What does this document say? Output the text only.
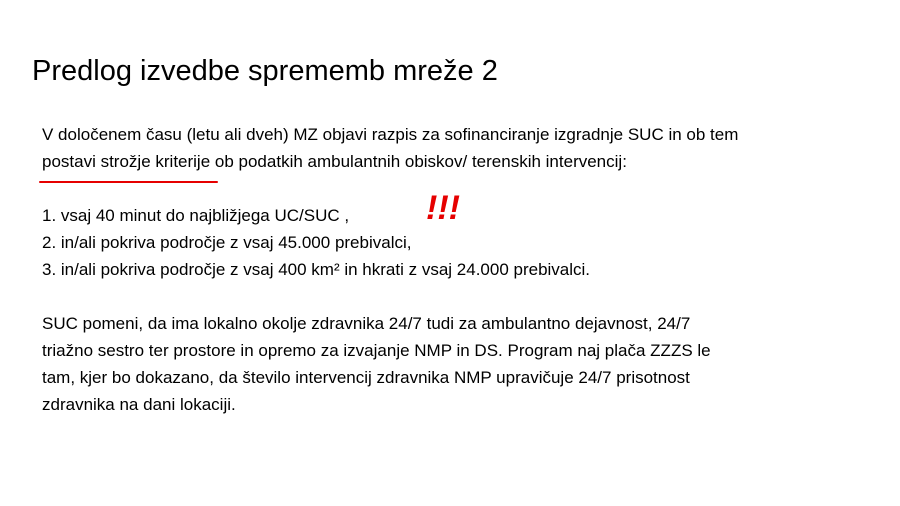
Predlog izvedbe sprememb mreže 2
V določenem času (letu ali dveh) MZ objavi razpis za sofinanciranje izgradnje SUC in ob tem
postavi strožje kriterije ob podatkih ambulantnih obiskov/ terenskih intervencij:
1. vsaj 40 minut do najbližjega UC/SUC ,
2. in/ali pokriva področje z vsaj 45.000 prebivalci,
3. in/ali pokriva področje z vsaj 400 km² in hkrati z vsaj 24.000 prebivalci.
SUC pomeni, da ima lokalno okolje zdravnika 24/7 tudi za ambulantno dejavnost, 24/7
triažno sestro ter prostore in opremo za izvajanje NMP in DS. Program naj plača ZZZS le
tam, kjer bo dokazano, da število intervencij zdravnika NMP upravičuje 24/7 prisotnost
zdravnika na dani lokaciji.
!!!
